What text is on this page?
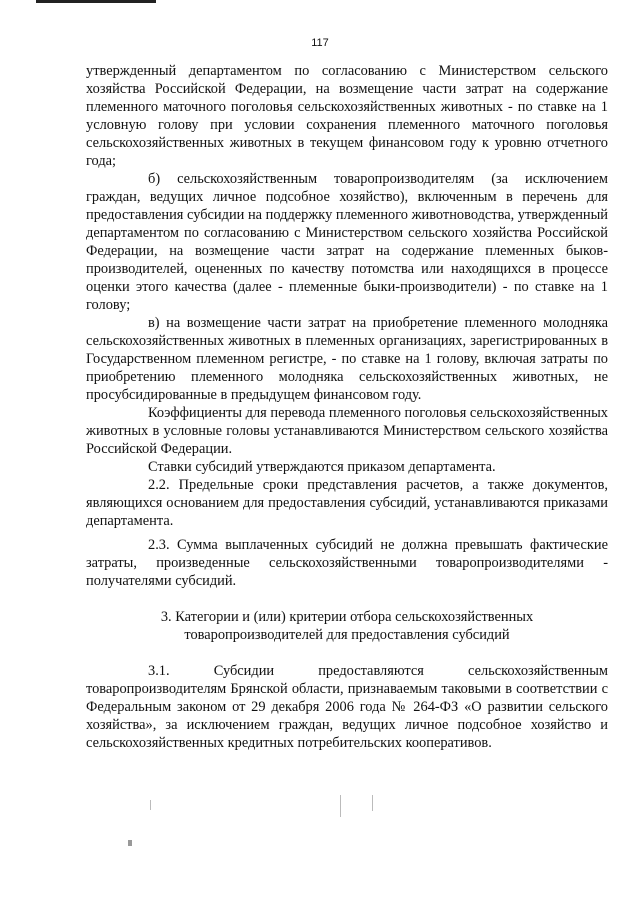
117

утвержденный департаментом по согласованию с Министерством сельского хозяйства Российской Федерации, на возмещение части затрат на содержание племенного маточного поголовья сельскохозяйственных животных - по ставке на 1 условную голову при условии сохранения племенного маточного поголовья сельскохозяйственных животных в текущем финансовом году к уровню отчетного года;

б) сельскохозяйственным товаропроизводителям (за исключением граждан, ведущих личное подсобное хозяйство), включенным в перечень для предоставления субсидии на поддержку племенного животноводства, утвержденный департаментом по согласованию с Министерством сельского хозяйства Российской Федерации, на возмещение части затрат на содержание племенных быков-производителей, оцененных по качеству потомства или находящихся в процессе оценки этого качества (далее - племенные быки-производители) - по ставке на 1 голову;

в) на возмещение части затрат на приобретение племенного молодняка сельскохозяйственных животных в племенных организациях, зарегистрированных в Государственном племенном регистре, - по ставке на 1 голову, включая затраты по приобретению племенного молодняка сельскохозяйственных животных, не просубсидированные в предыдущем финансовом году.

Коэффициенты для перевода племенного поголовья сельскохозяйственных животных в условные головы устанавливаются Министерством сельского хозяйства Российской Федерации.

Ставки субсидий утверждаются приказом департамента.

2.2. Предельные сроки представления расчетов, а также документов, являющихся основанием для предоставления субсидий, устанавливаются приказами департамента.

2.3. Сумма выплаченных субсидий не должна превышать фактические затраты, произведенные сельскохозяйственными товаропроизводителями - получателями субсидий.

3. Категории и (или) критерии отбора сельскохозяйственных
товаропроизводителей для предоставления субсидий

3.1. Субсидии предоставляются сельскохозяйственным товаропроизводителям Брянской области, признаваемым таковыми в соответствии с Федеральным законом от 29 декабря 2006 года № 264-ФЗ «О развитии сельского хозяйства», за исключением граждан, ведущих личное подсобное хозяйство и сельскохозяйственных кредитных потребительских кооперативов.
